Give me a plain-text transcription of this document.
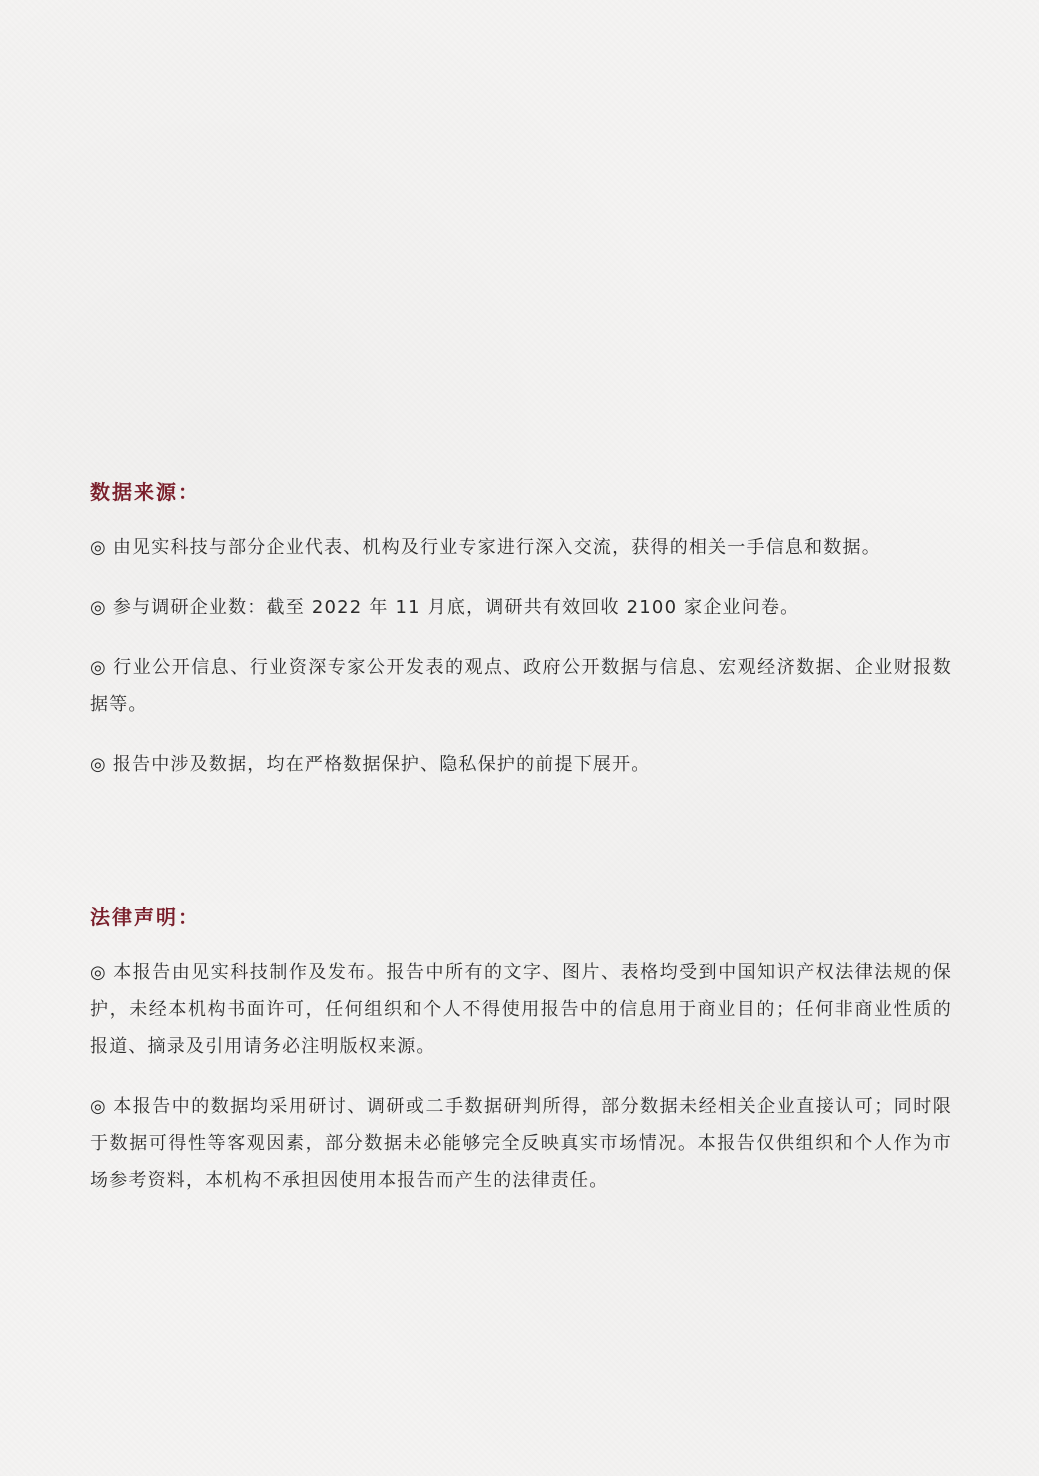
数据来源：

◎ 由见实科技与部分企业代表、机构及行业专家进行深入交流，获得的相关一手信息和数据。

◎ 参与调研企业数：截至 2022 年 11 月底，调研共有效回收 2100 家企业问卷。

◎ 行业公开信息、行业资深专家公开发表的观点、政府公开数据与信息、宏观经济数据、企业财报数据等。

◎ 报告中涉及数据，均在严格数据保护、隐私保护的前提下展开。

法律声明：

◎ 本报告由见实科技制作及发布。报告中所有的文字、图片、表格均受到中国知识产权法律法规的保护，未经本机构书面许可，任何组织和个人不得使用报告中的信息用于商业目的；任何非商业性质的报道、摘录及引用请务必注明版权来源。

◎ 本报告中的数据均采用研讨、调研或二手数据研判所得，部分数据未经相关企业直接认可；同时限于数据可得性等客观因素，部分数据未必能够完全反映真实市场情况。本报告仅供组织和个人作为市场参考资料，本机构不承担因使用本报告而产生的法律责任。
